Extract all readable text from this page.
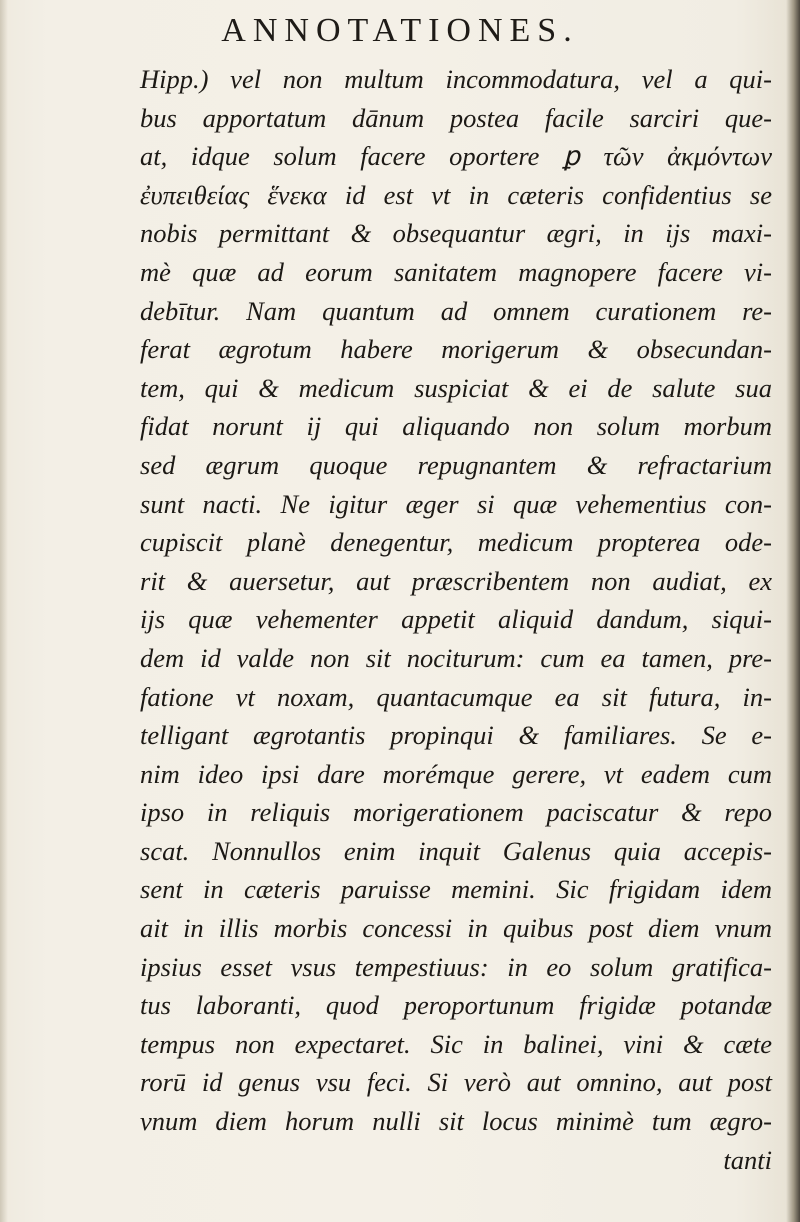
ANNOTATIONES.
Hipp.) vel non multum incommodatura, vel a qui-
bus apportatum dānum postea facile sarciri que-
at, idque solum facere oportere ꝑ τῶν ἀκμόντων
ἐυπειθείας ἕνεκα id est vt in cæteris confidentius se
nobis permittant & obsequantur ægri, in ijs maxi-
mè quæ ad eorum sanitatem magnopere facere vi-
debītur. Nam quantum ad omnem curationem re-
ferat ægrotum habere morigerum & obsecundan-
tem, qui & medicum suspiciat & ei de salute sua
fidat norunt ij qui aliquando non solum morbum
sed ægrum quoque repugnantem & refractarium
sunt nacti. Ne igitur æger si quæ vehementius con-
cupiscit planè denegentur, medicum propterea ode-
rit & auersetur, aut præscribentem non audiat, ex
ijs quæ vehementer appetit aliquid dandum, siqui-
dem id valde non sit nociturum: cum ea tamen, pre-
fatione vt noxam, quantacumque ea sit futura, in-
telligant ægrotantis propinqui & familiares. Se e-
nim ideo ipsi dare morémque gerere, vt eadem cum
ipso in reliquis morigerationem paciscatur & repo
scat. Nonnullos enim inquit Galenus quia accepis-
sent in cæteris paruisse memini. Sic frigidam idem
ait in illis morbis concessi in quibus post diem vnum
ipsius esset vsus tempestiuus: in eo solum gratifica-
tus laboranti, quod peroportunum frigidæ potandæ
tempus non expectaret. Sic in balinei, vini & cæte
rorū id genus vsu feci. Si verò aut omnino, aut post
vnum diem horum nulli sit locus minimè tum ægro-
tanti
